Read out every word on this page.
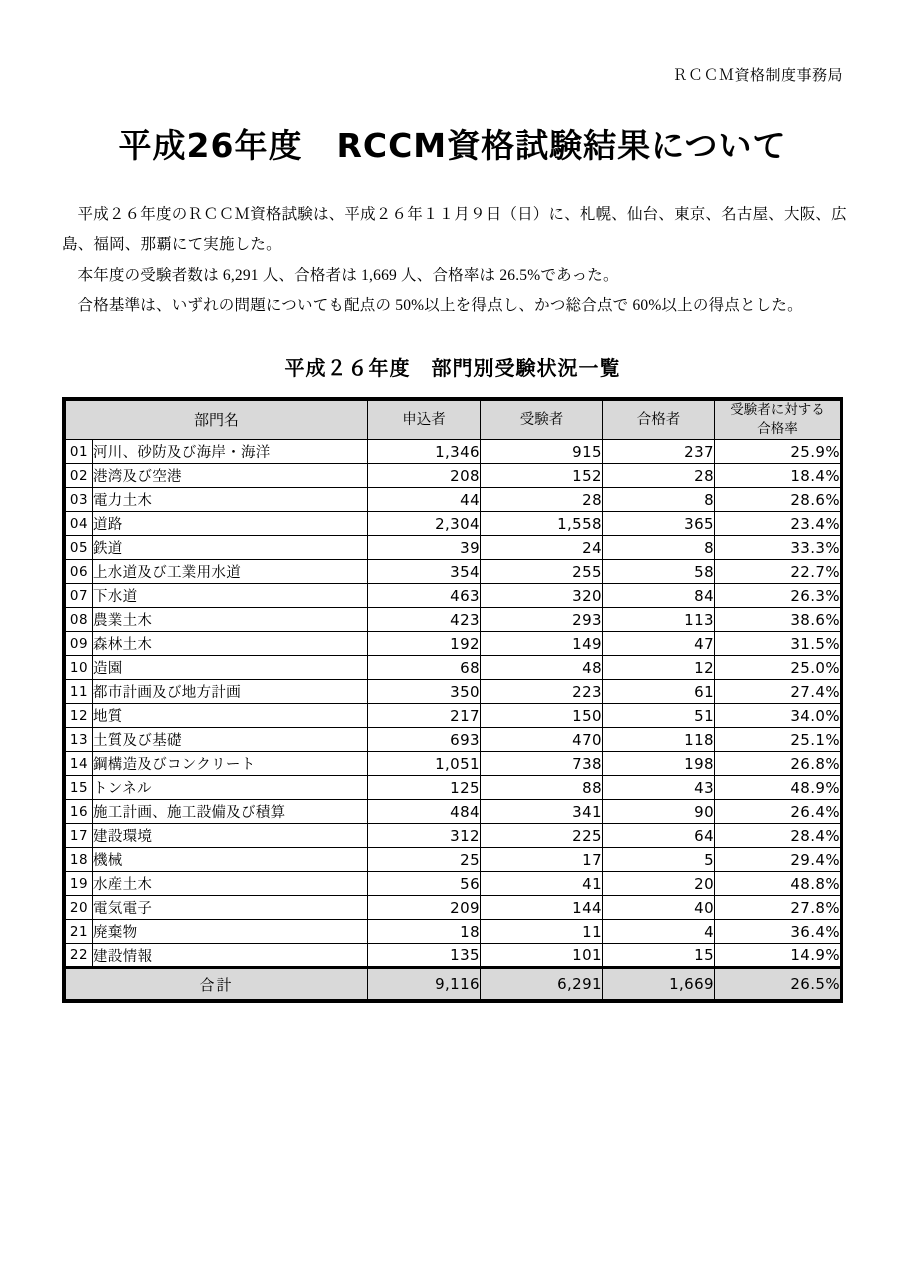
ＲＣＣＭ資格制度事務局
平成26年度　RCCM資格試験結果について

平成２６年度のＲＣＣＭ資格試験は、平成２６年１１月９日（日）に、札幌、仙台、東京、名古屋、大阪、広島、福岡、那覇にて実施した。

本年度の受験者数は 6,291 人、合格者は 1,669 人、合格率は 26.5%であった。

合格基準は、いずれの問題についても配点の 50%以上を得点し、かつ総合点で 60%以上の得点とした。

平成２６年度　部門別受験状況一覧
部門名		申込者	受験者	合格者	受験者に対する
合格率
01	河川、砂防及び海岸・海洋	1,346	915	237	25.9%
02	港湾及び空港	208	152	28	18.4%
03	電力土木	44	28	8	28.6%
04	道路	2,304	1,558	365	23.4%
05	鉄道	39	24	8	33.3%
06	上水道及び工業用水道	354	255	58	22.7%
07	下水道	463	320	84	26.3%
08	農業土木	423	293	113	38.6%
09	森林土木	192	149	47	31.5%
10	造園	68	48	12	25.0%
11	都市計画及び地方計画	350	223	61	27.4%
12	地質	217	150	51	34.0%
13	土質及び基礎	693	470	118	25.1%
14	鋼構造及びコンクリート	1,051	738	198	26.8%
15	トンネル	125	88	43	48.9%
16	施工計画、施工設備及び積算	484	341	90	26.4%
17	建設環境	312	225	64	28.4%
18	機械	25	17	5	29.4%
19	水産土木	56	41	20	48.8%
20	電気電子	209	144	40	27.8%
21	廃棄物	18	11	4	36.4%
22	建設情報	135	101	15	14.9%
合計		9,116	6,291	1,669	26.5%
